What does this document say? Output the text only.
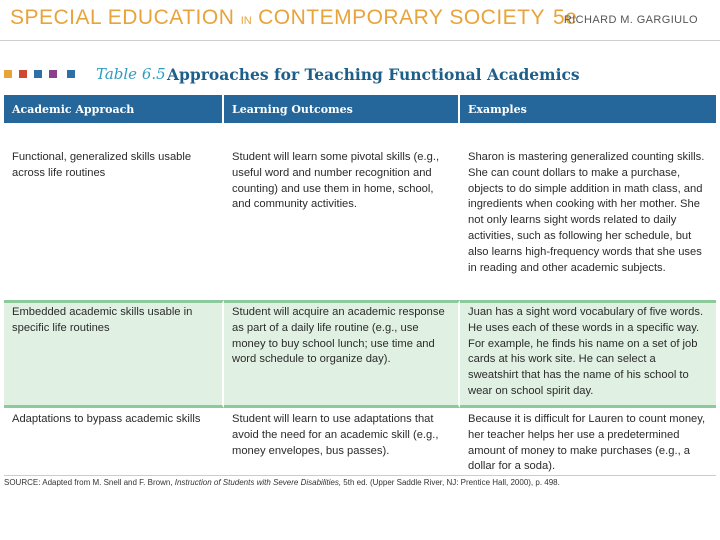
SPECIAL EDUCATION IN CONTEMPORARY SOCIETY 5e
RICHARD M. GARGIULO
Table 6.5 Approaches for Teaching Functional Academics
Academic Approach	Learning Outcomes	Examples
Functional, generalized skills usable across life routines	Student will learn some pivotal skills (e.g., useful word and number recognition and counting) and use them in home, school, and community activities.	Sharon is mastering generalized counting skills. She can count dollars to make a purchase, objects to do simple addition in math class, and ingredients when cooking with her mother. She not only learns sight words related to daily activities, such as following her schedule, but also learns high-frequency words that she uses in reading and other academic subjects.
Embedded academic skills usable in specific life routines	Student will acquire an academic response as part of a daily life routine (e.g., use money to buy school lunch; use time and word schedule to organize day).	Juan has a sight word vocabulary of five words. He uses each of these words in a specific way. For example, he finds his name on a set of job cards at his work site. He can select a sweatshirt that has the name of his school to wear on school spirit day.
Adaptations to bypass academic skills	Student will learn to use adaptations that avoid the need for an academic skill (e.g., money envelopes, bus passes).	Because it is difficult for Lauren to count money, her teacher helps her use a predetermined amount of money to make purchases (e.g., a dollar for a soda).
SOURCE: Adapted from M. Snell and F. Brown, Instruction of Students with Severe Disabilities, 5th ed. (Upper Saddle River, NJ: Prentice Hall, 2000), p. 498.
